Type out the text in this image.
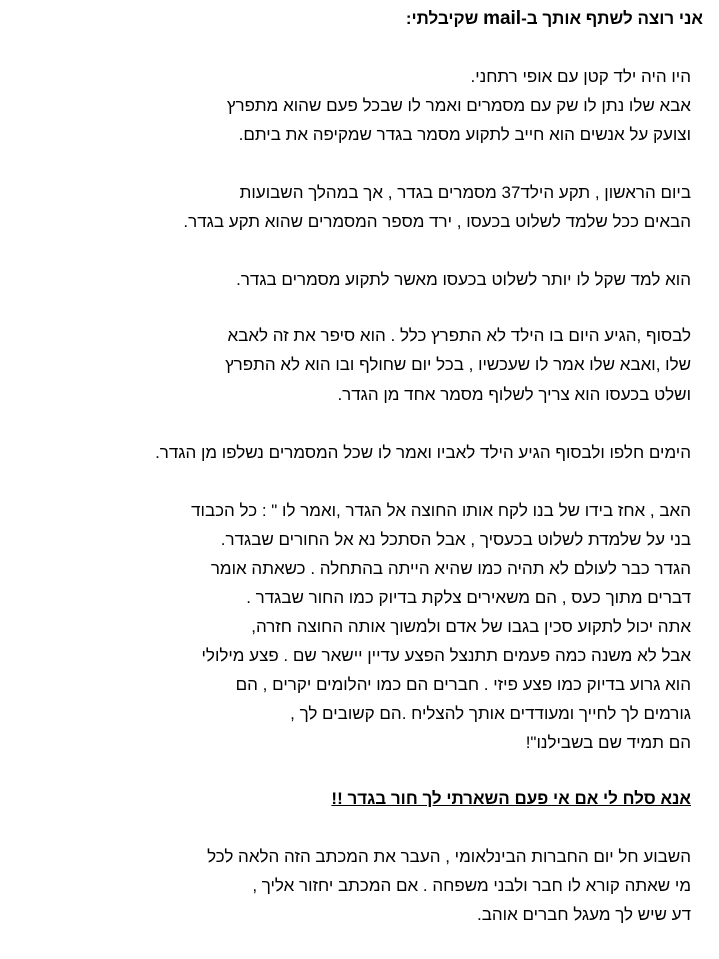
אני רוצה לשתף אותך ב-mail שקיבלתי:
היו היה ילד קטן עם אופי רתחני.
אבא שלו נתן לו שק עם מסמרים ואמר לו שבכל פעם שהוא מתפרץ
וצועק על אנשים הוא חייב לתקוע מסמר בגדר שמקיפה את ביתם.
ביום הראשון , תקע הילד37 מסמרים בגדר , אך במהלך השבועות
הבאים ככל שלמד לשלוט בכעסו , ירד מספר המסמרים שהוא תקע בגדר.
הוא למד שקל לו יותר לשלוט בכעסו מאשר לתקוע מסמרים בגדר.
לבסוף ,הגיע היום בו הילד לא התפרץ כלל . הוא סיפר את זה לאבא
שלו ,ואבא שלו אמר לו שעכשיו , בכל יום שחולף ובו הוא לא התפרץ
ושלט בכעסו הוא צריך לשלוף מסמר אחד מן הגדר.
הימים חלפו ולבסוף הגיע הילד לאביו ואמר לו שכל המסמרים נשלפו מן הגדר.
האב , אחז בידו של בנו לקח אותו החוצה אל הגדר ,ואמר לו " : כל הכבוד
בני על שלמדת לשלוט בכעסיך , אבל הסתכל נא אל החורים שבגדר.
הגדר כבר לעולם לא תהיה כמו שהיא הייתה בהתחלה . כשאתה אומר
דברים מתוך כעס , הם משאירים צלקת בדיוק כמו החור שבגדר .
אתה יכול לתקוע סכין בגבו של אדם ולמשוך אותה החוצה חזרה,
אבל לא משנה כמה פעמים תתנצל הפצע עדיין יישאר שם . פצע מילולי
הוא גרוע בדיוק כמו פצע פיזי . חברים הם כמו יהלומים יקרים , הם
גורמים לך לחייך ומעודדים אותך להצליח .הם קשובים לך ,
הם תמיד שם בשבילנו"!
אנא סלח לי אם אי פעם השארתי לך חור בגדר !!
השבוע חל יום החברות הבינלאומי , העבר את המכתב הזה הלאה לכל
מי שאתה קורא לו חבר ולבני משפחה . אם המכתב יחזור אליך ,
דע שיש לך מעגל חברים אוהב.
